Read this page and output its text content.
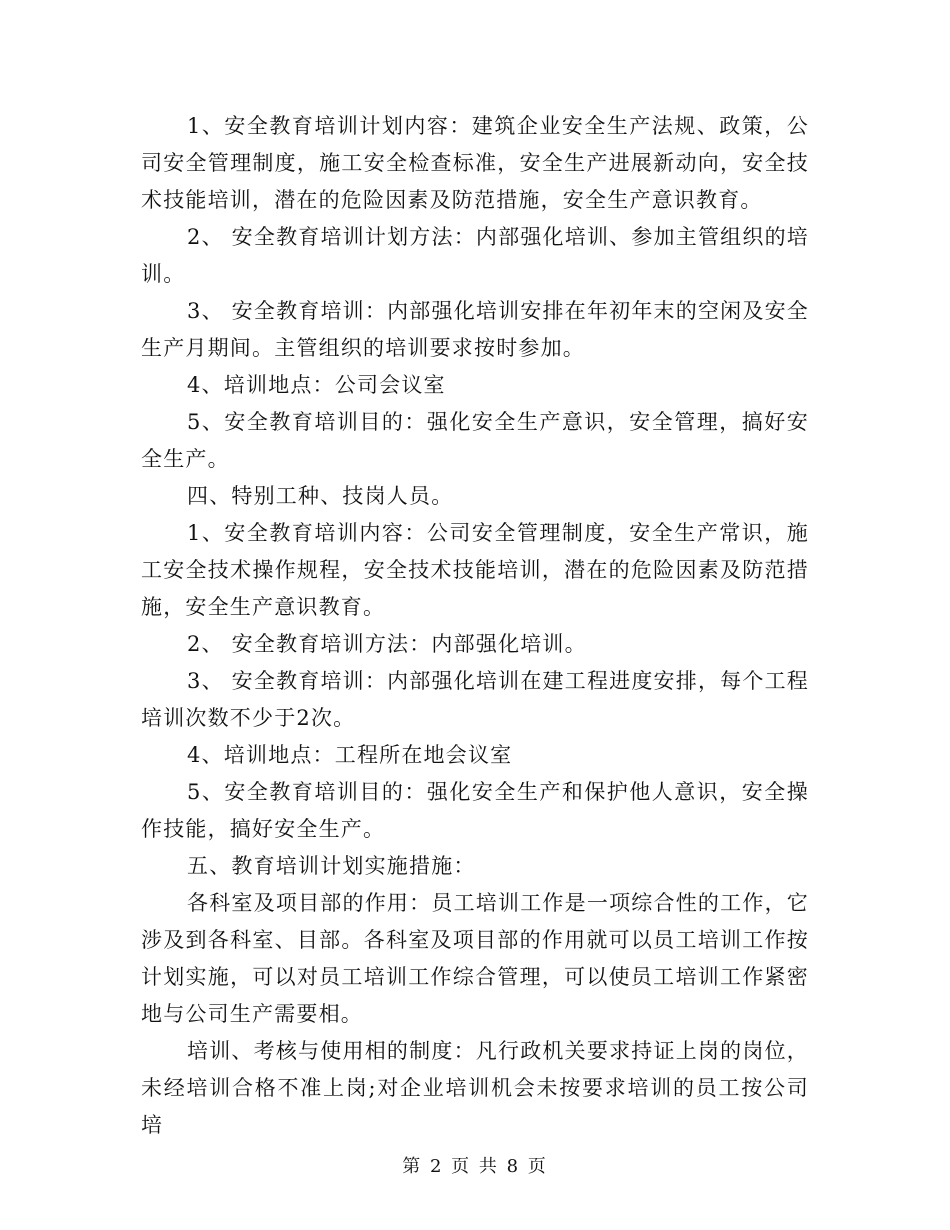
1、安全教育培训计划内容：建筑企业安全生产法规、政策，公司安全管理制度，施工安全检查标准，安全生产进展新动向，安全技术技能培训，潜在的危险因素及防范措施，安全生产意识教育。

2、 安全教育培训计划方法：内部强化培训、参加主管组织的培训。

3、 安全教育培训：内部强化培训安排在年初年末的空闲及安全生产月期间。主管组织的培训要求按时参加。

4、培训地点：公司会议室

5、安全教育培训目的：强化安全生产意识，安全管理，搞好安全生产。

四、特别工种、技岗人员。

1、安全教育培训内容：公司安全管理制度，安全生产常识，施工安全技术操作规程，安全技术技能培训，潜在的危险因素及防范措施，安全生产意识教育。

2、 安全教育培训方法：内部强化培训。

3、 安全教育培训：内部强化培训在建工程进度安排，每个工程培训次数不少于2次。

4、培训地点：工程所在地会议室

5、安全教育培训目的：强化安全生产和保护他人意识，安全操作技能，搞好安全生产。

五、教育培训计划实施措施：

各科室及项目部的作用：员工培训工作是一项综合性的工作，它涉及到各科室、目部。各科室及项目部的作用就可以员工培训工作按计划实施，可以对员工培训工作综合管理，可以使员工培训工作紧密地与公司生产需要相。

培训、考核与使用相的制度：凡行政机关要求持证上岗的岗位，未经培训合格不准上岗;对企业培训机会未按要求培训的员工按公司培

第 2 页 共 8 页
